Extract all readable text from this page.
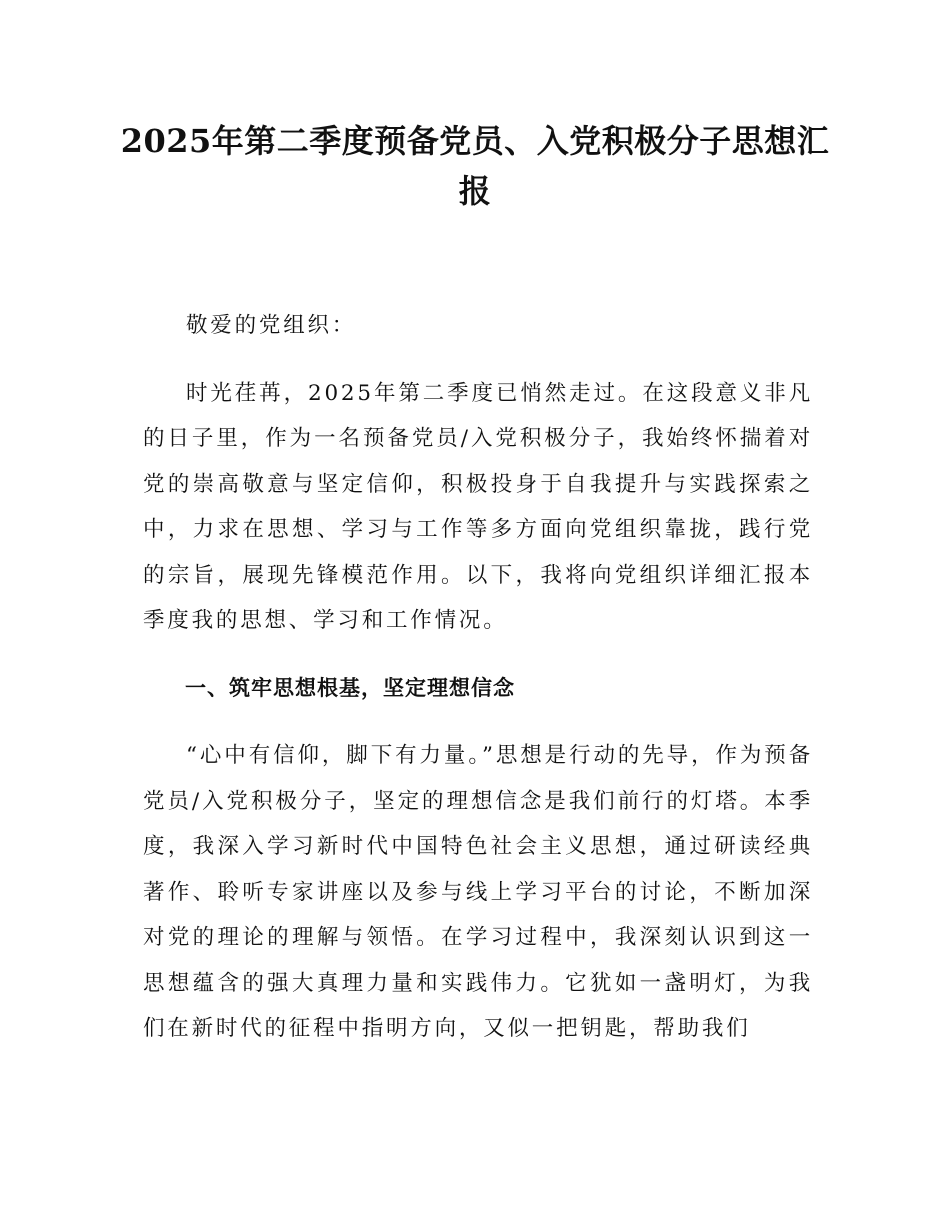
2025年第二季度预备党员、入党积极分子思想汇报

敬爱的党组织：

时光荏苒，2025年第二季度已悄然走过。在这段意义非凡的日子里，作为一名预备党员/入党积极分子，我始终怀揣着对党的崇高敬意与坚定信仰，积极投身于自我提升与实践探索之中，力求在思想、学习与工作等多方面向党组织靠拢，践行党的宗旨，展现先锋模范作用。以下，我将向党组织详细汇报本季度我的思想、学习和工作情况。

一、筑牢思想根基，坚定理想信念

“心中有信仰，脚下有力量。”思想是行动的先导，作为预备党员/入党积极分子，坚定的理想信念是我们前行的灯塔。本季度，我深入学习新时代中国特色社会主义思想，通过研读经典著作、聆听专家讲座以及参与线上学习平台的讨论，不断加深对党的理论的理解与领悟。在学习过程中，我深刻认识到这一思想蕴含的强大真理力量和实践伟力。它犹如一盏明灯，为我们在新时代的征程中指明方向，又似一把钥匙，帮助我们
